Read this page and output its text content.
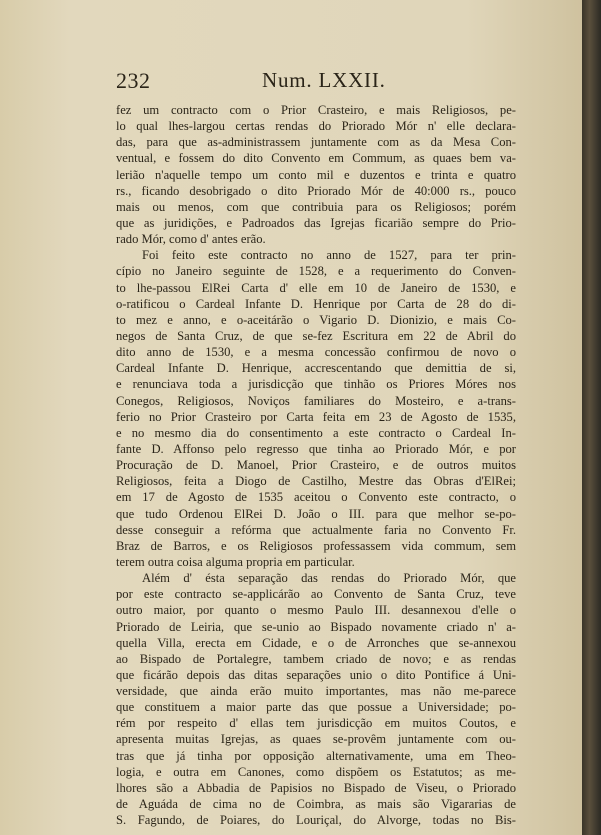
232	Num. LXXII.
fez um contracto com o Prior Crasteiro, e mais Religiosos, pe-
lo qual lhes-largou certas rendas do Priorado Mór n' elle declara-
das, para que as-administrassem juntamente com as da Mesa Con-
ventual, e fossem do dito Convento em Commum, as quaes bem va-
lerião n'aquelle tempo um conto mil e duzentos e trinta e quatro
rs., ficando desobrigado o dito Priorado Mór de 40:000 rs., pouco
mais ou menos, com que contribuia para os Religiosos; porém
que as juridições, e Padroados das Igrejas ficarião sempre do Prio-
rado Mór, como d' antes erão.
Foi feito este contracto no anno de 1527, para ter prin-
cípio no Janeiro seguinte de 1528, e a requerimento do Conven-
to lhe-passou ElRei Carta d' elle em 10 de Janeiro de 1530, e
o-ratificou o Cardeal Infante D. Henrique por Carta de 28 do di-
to mez e anno, e o-aceitárão o Vigario D. Dionizio, e mais Co-
negos de Santa Cruz, de que se-fez Escritura em 22 de Abril do
dito anno de 1530, e a mesma concessão confirmou de novo o
Cardeal Infante D. Henrique, accrescentando que demittia de si,
e renunciava toda a jurisdicção que tinhão os Priores Móres nos
Conegos, Religiosos, Noviços familiares do Mosteiro, e a-trans-
ferio no Prior Crasteiro por Carta feita em 23 de Agosto de 1535,
e no mesmo dia do consentimento a este contracto o Cardeal In-
fante D. Affonso pelo regresso que tinha ao Priorado Mór, e por
Procuração de D. Manoel, Prior Crasteiro, e de outros muitos
Religiosos, feita a Diogo de Castilho, Mestre das Obras d'ElRei;
em 17 de Agosto de 1535 aceitou o Convento este contracto, o
que tudo Ordenou ElRei D. João o III. para que melhor se-po-
desse conseguir a refórma que actualmente faria no Convento Fr.
Braz de Barros, e os Religiosos professassem vida commum, sem
terem outra coisa alguma propria em particular.
Além d' ésta separação das rendas do Priorado Mór, que
por este contracto se-applicárão ao Convento de Santa Cruz, teve
outro maior, por quanto o mesmo Paulo III. desannexou d'elle o
Priorado de Leiria, que se-unio ao Bispado novamente criado n' a-
quella Villa, erecta em Cidade, e o de Arronches que se-annexou
ao Bispado de Portalegre, tambem criado de novo; e as rendas
que ficárão depois das ditas separações unio o dito Pontifice á Uni-
versidade, que ainda erão muito importantes, mas não me-parece
que constituem a maior parte das que possue a Universidade; po-
rém por respeito d' ellas tem jurisdicção em muitos Coutos, e
apresenta muitas Igrejas, as quaes se-provêm juntamente com ou-
tras que já tinha por opposição alternativamente, uma em Theo-
logia, e outra em Canones, como dispõem os Estatutos; as me-
lhores são a Abbadia de Papisios no Bispado de Viseu, o Priorado
de Aguáda de cima no de Coimbra, as mais são Vigararias de
S. Fagundo, de Poiares, do Louriçal, do Alvorge, todas no Bis-
